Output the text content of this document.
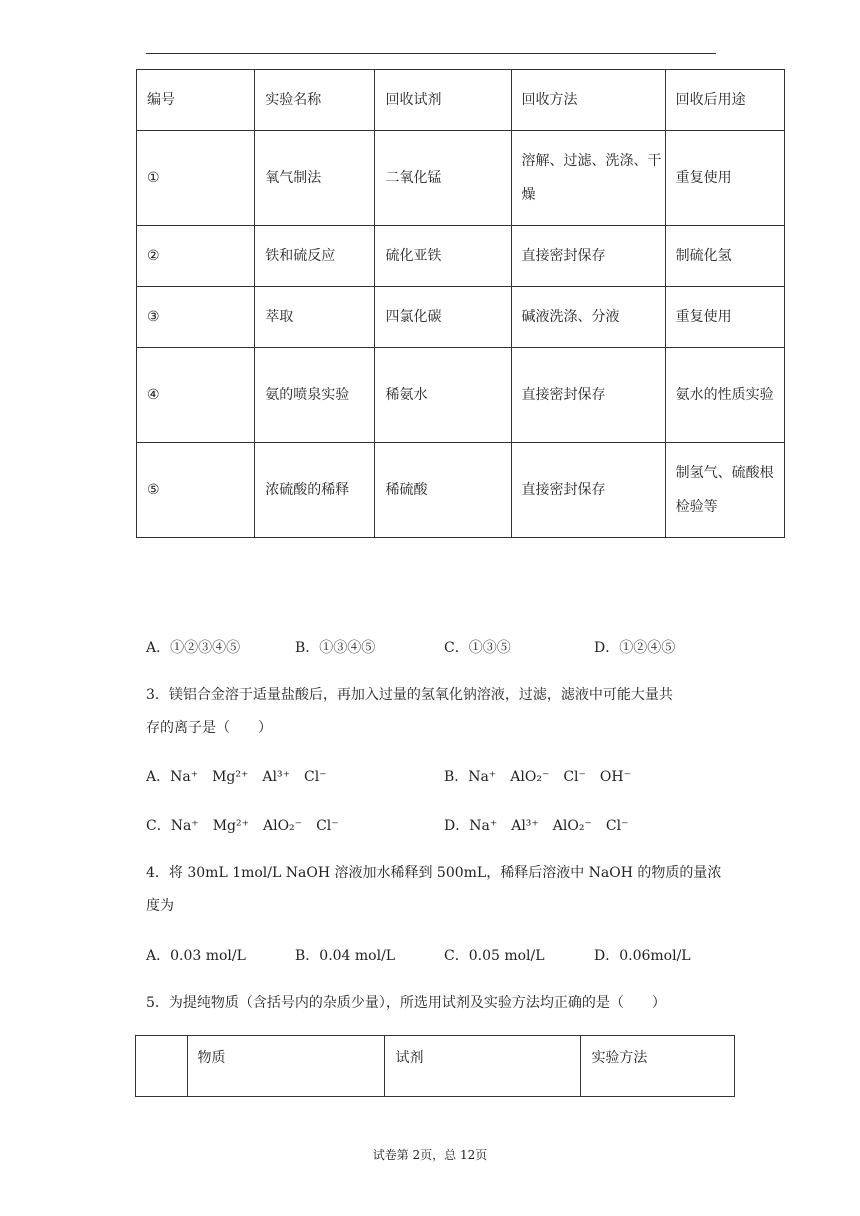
编号	实验名称	回收试剂	回收方法	回收后用途
①	氧气制法	二氧化锰	溶解、过滤、洗涤、干燥	重复使用
②	铁和硫反应	硫化亚铁	直接密封保存	制硫化氢
③	萃取	四氯化碳	碱液洗涤、分液	重复使用
④	氨的喷泉实验	稀氨水	直接密封保存	氨水的性质实验
⑤	浓硫酸的稀释	稀硫酸	直接密封保存	制氢气、硫酸根检验等
A．①②③④⑤	B．①③④⑤	C．①③⑤	D．①②④⑤
3．镁铝合金溶于适量盐酸后，再加入过量的氢氧化钠溶液，过滤，滤液中可能大量共
存的离子是（　　）
A．Na⁺　Mg²⁺　Al³⁺　Cl⁻	B．Na⁺　AlO₂⁻　Cl⁻　OH⁻
C．Na⁺　Mg²⁺　AlO₂⁻　Cl⁻	D．Na⁺　Al³⁺　AlO₂⁻　Cl⁻
4．将 30mL 1mol/L NaOH 溶液加水稀释到 500mL，稀释后溶液中 NaOH 的物质的量浓
度为
A．0.03 mol/L	B．0.04 mol/L	C．0.05 mol/L	D．0.06mol/L
5．为提纯物质（含括号内的杂质少量），所选用试剂及实验方法均正确的是（　　）
	物质	试剂	实验方法
试卷第 2页，总 12页
